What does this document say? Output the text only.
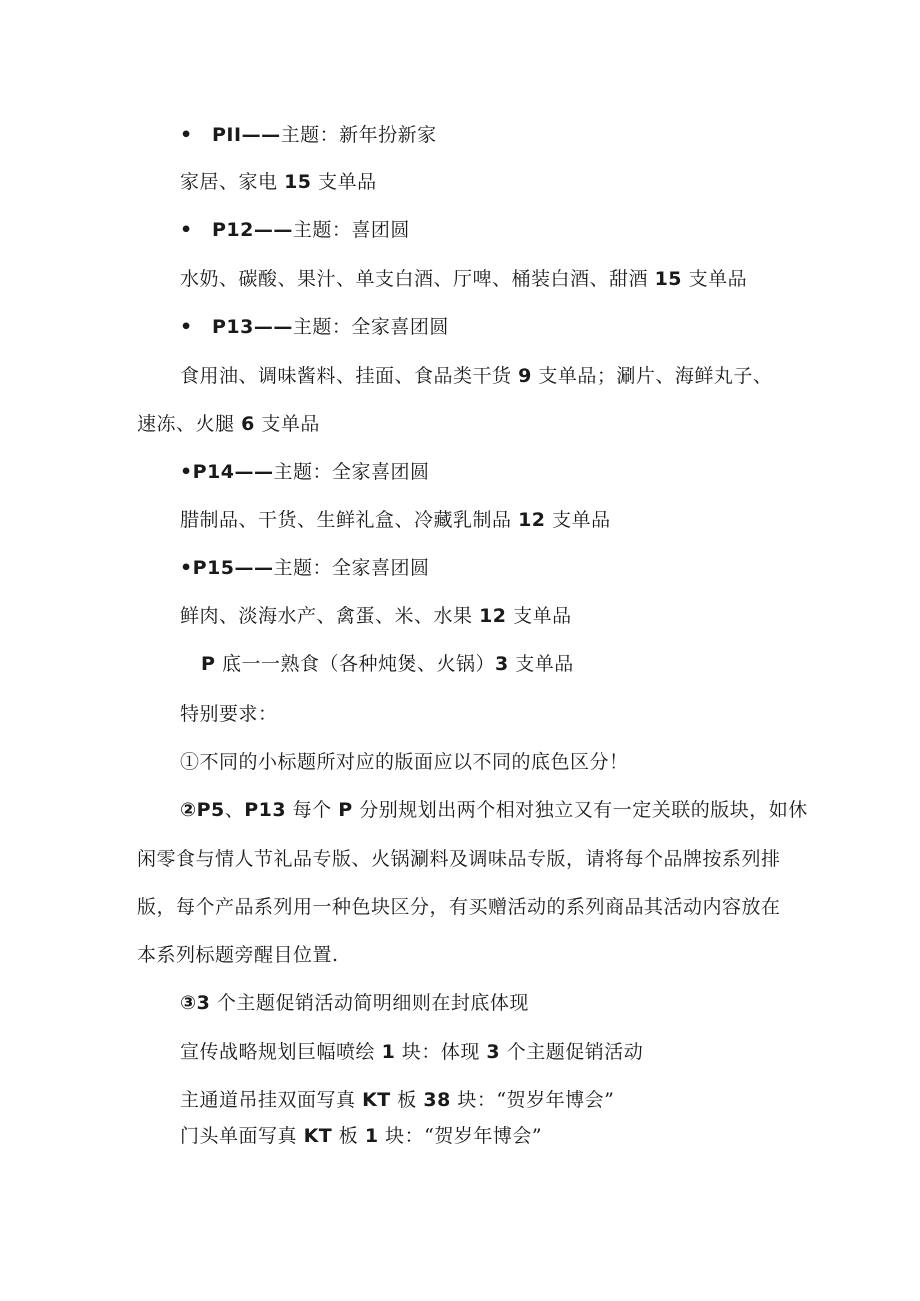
• PII——主题：新年扮新家
家居、家电 15 支单品
• P12——主题：喜团圆
水奶、碳酸、果汁、单支白酒、厅啤、桶装白酒、甜酒 15 支单品
• P13——主题：全家喜团圆
食用油、调味酱料、挂面、食品类干货 9 支单品；涮片、海鲜丸子、
速冻、火腿 6 支单品
•P14——主题：全家喜团圆
腊制品、干货、生鲜礼盒、冷藏乳制品 12 支单品
•P15——主题：全家喜团圆
鲜肉、淡海水产、禽蛋、米、水果 12 支单品
P 底一一熟食（各种炖煲、火锅）3 支单品
特别要求：
①不同的小标题所对应的版面应以不同的底色区分！
②P5、P13 每个 P 分别规划出两个相对独立又有一定关联的版块，如休
闲零食与情人节礼品专版、火锅涮料及调味品专版，请将每个品牌按系列排
版，每个产品系列用一种色块区分，有买赠活动的系列商品其活动内容放在
本系列标题旁醒目位置.
③3 个主题促销活动简明细则在封底体现
宣传战略规划巨幅喷绘 1 块：体现 3 个主题促销活动
主通道吊挂双面写真 KT 板 38 块：“贺岁年博会”
门头单面写真 KT 板 1 块：“贺岁年博会”
